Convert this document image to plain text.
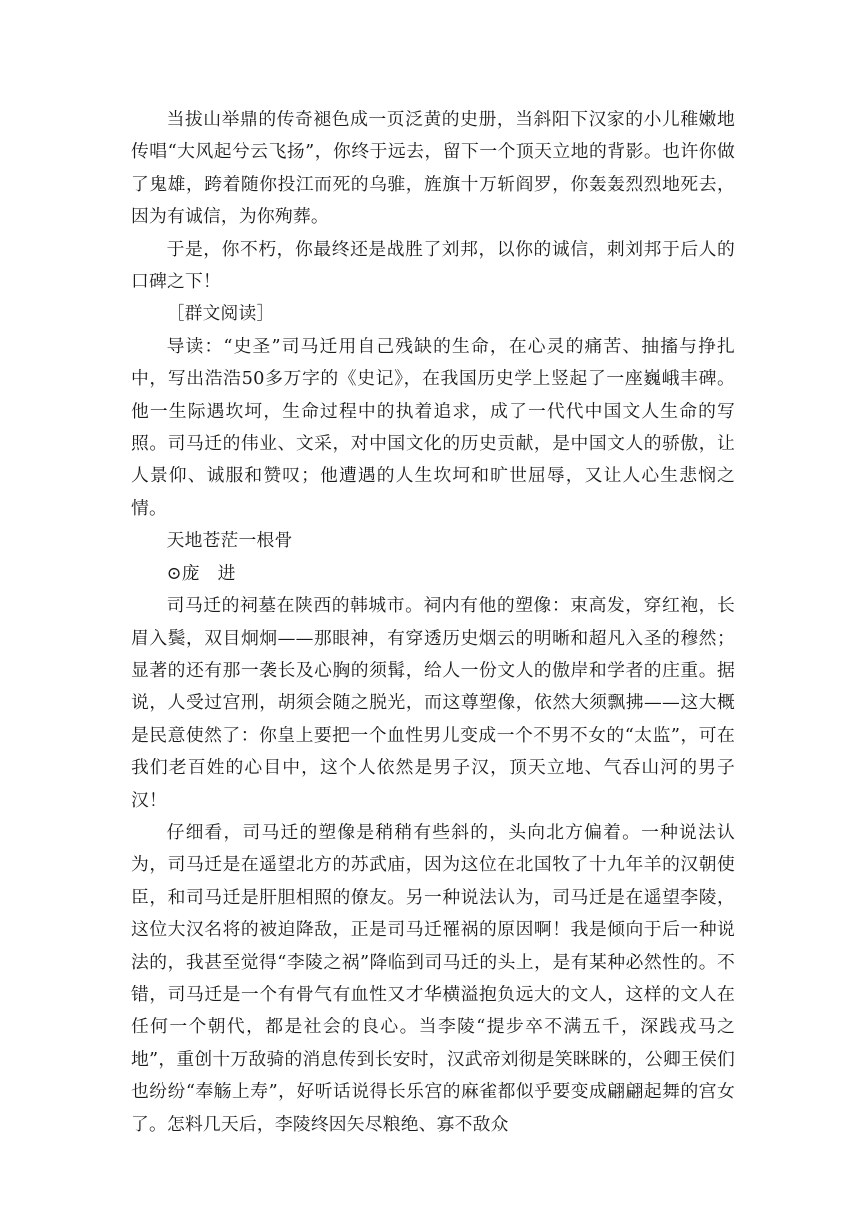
当拔山举鼎的传奇褪色成一页泛黄的史册，当斜阳下汉家的小儿稚嫩地传唱“大风起兮云飞扬”，你终于远去，留下一个顶天立地的背影。也许你做了鬼雄，跨着随你投江而死的乌骓，旌旗十万斩阎罗，你轰轰烈烈地死去，因为有诚信，为你殉葬。

于是，你不朽，你最终还是战胜了刘邦，以你的诚信，刺刘邦于后人的口碑之下！

［群文阅读］

导读：“史圣”司马迁用自己残缺的生命，在心灵的痛苦、抽搐与挣扎中，写出浩浩50多万字的《史记》，在我国历史学上竖起了一座巍峨丰碑。他一生际遇坎坷，生命过程中的执着追求，成了一代代中国文人生命的写照。司马迁的伟业、文采，对中国文化的历史贡献，是中国文人的骄傲，让人景仰、诚服和赞叹；他遭遇的人生坎坷和旷世屈辱，又让人心生悲悯之情。

天地苍茫一根骨

⊙庞　进

司马迁的祠墓在陕西的韩城市。祠内有他的塑像：束高发，穿红袍，长眉入鬓，双目炯炯——那眼神，有穿透历史烟云的明晰和超凡入圣的穆然；显著的还有那一袭长及心胸的须髯，给人一份文人的傲岸和学者的庄重。据说，人受过宫刑，胡须会随之脱光，而这尊塑像，依然大须飘拂——这大概是民意使然了：你皇上要把一个血性男儿变成一个不男不女的“太监”，可在我们老百姓的心目中，这个人依然是男子汉，顶天立地、气吞山河的男子汉！

仔细看，司马迁的塑像是稍稍有些斜的，头向北方偏着。一种说法认为，司马迁是在遥望北方的苏武庙，因为这位在北国牧了十九年羊的汉朝使臣，和司马迁是肝胆相照的僚友。另一种说法认为，司马迁是在遥望李陵，这位大汉名将的被迫降敌，正是司马迁罹祸的原因啊！我是倾向于后一种说法的，我甚至觉得“李陵之祸”降临到司马迁的头上，是有某种必然性的。不错，司马迁是一个有骨气有血性又才华横溢抱负远大的文人，这样的文人在任何一个朝代，都是社会的良心。当李陵“提步卒不满五千，深践戎马之地”，重创十万敌骑的消息传到长安时，汉武帝刘彻是笑眯眯的，公卿王侯们也纷纷“奉觞上寿”，好听话说得长乐宫的麻雀都似乎要变成翩翩起舞的宫女了。怎料几天后，李陵终因矢尽粮绝、寡不敌众
